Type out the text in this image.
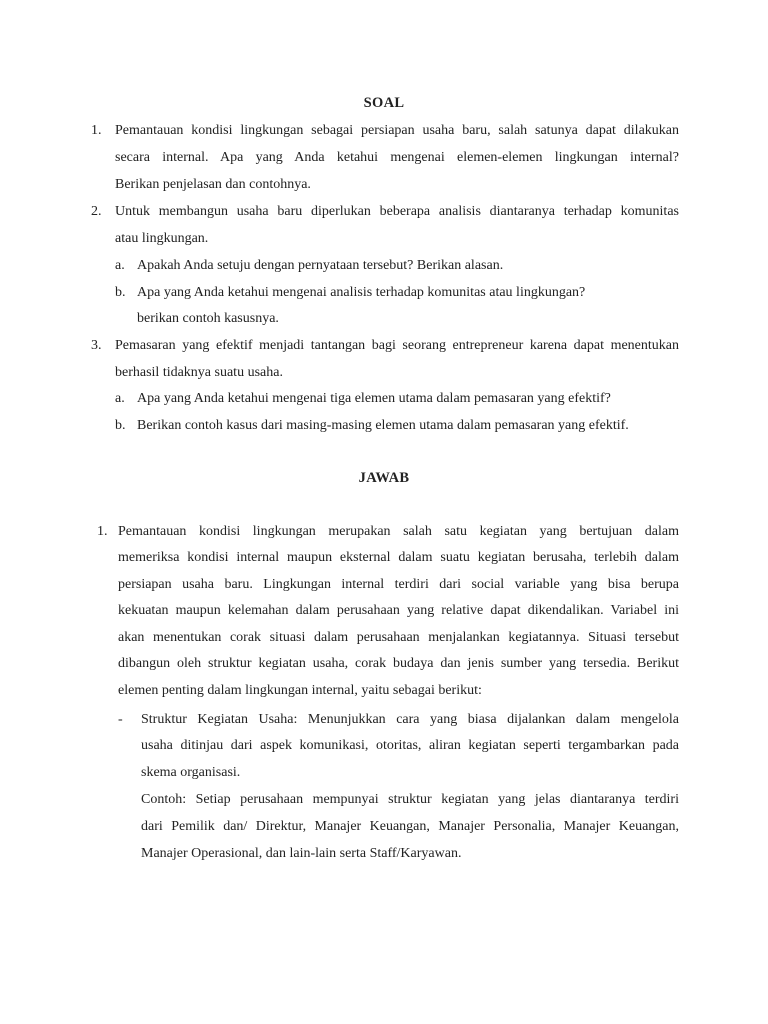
SOAL
1. Pemantauan kondisi lingkungan sebagai persiapan usaha baru, salah satunya dapat dilakukan
secara internal. Apa yang Anda ketahui mengenai elemen-elemen lingkungan internal?
Berikan penjelasan dan contohnya.
2. Untuk membangun usaha baru diperlukan beberapa analisis diantaranya terhadap komunitas
atau lingkungan.
a. Apakah Anda setuju dengan pernyataan tersebut? Berikan alasan.
b. Apa yang Anda ketahui mengenai analisis terhadap komunitas atau lingkungan?
berikan contoh kasusnya.
3. Pemasaran yang efektif menjadi tantangan bagi seorang entrepreneur karena dapat menentukan
berhasil tidaknya suatu usaha.
a. Apa yang Anda ketahui mengenai tiga elemen utama dalam pemasaran yang efektif?
b. Berikan contoh kasus dari masing-masing elemen utama dalam pemasaran yang efektif.
JAWAB
1. Pemantauan kondisi lingkungan merupakan salah satu kegiatan yang bertujuan dalam
memeriksa kondisi internal maupun eksternal dalam suatu kegiatan berusaha, terlebih dalam
persiapan usaha baru. Lingkungan internal terdiri dari social variable yang bisa berupa
kekuatan maupun kelemahan dalam perusahaan yang relative dapat dikendalikan. Variabel ini
akan menentukan corak situasi dalam perusahaan menjalankan kegiatannya. Situasi tersebut
dibangun oleh struktur kegiatan usaha, corak budaya dan jenis sumber yang tersedia. Berikut
elemen penting dalam lingkungan internal, yaitu sebagai berikut:
- Struktur Kegiatan Usaha: Menunjukkan cara yang biasa dijalankan dalam mengelola
usaha ditinjau dari aspek komunikasi, otoritas, aliran kegiatan seperti tergambarkan pada
skema organisasi.
Contoh: Setiap perusahaan mempunyai struktur kegiatan yang jelas diantaranya terdiri
dari Pemilik dan/ Direktur, Manajer Keuangan, Manajer Personalia, Manajer Keuangan,
Manajer Operasional, dan lain-lain serta Staff/Karyawan.
